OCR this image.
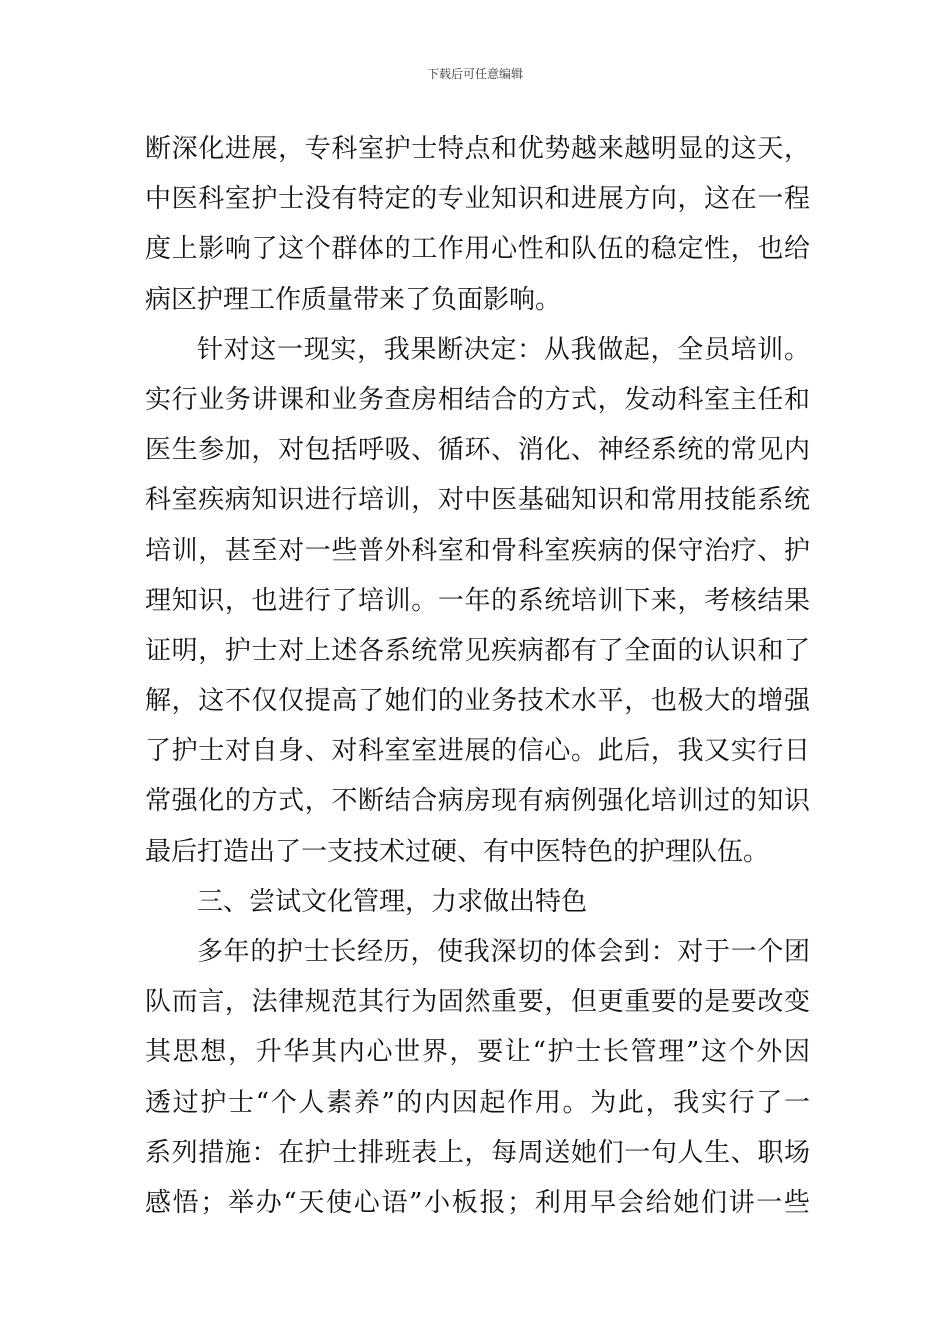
下载后可任意编辑
断深化进展，专科室护士特点和优势越来越明显的这天，
中医科室护士没有特定的专业知识和进展方向，这在一程
度上影响了这个群体的工作用心性和队伍的稳定性，也给
病区护理工作质量带来了负面影响。
针对这一现实，我果断决定：从我做起，全员培训。
实行业务讲课和业务查房相结合的方式，发动科室主任和
医生参加，对包括呼吸、循环、消化、神经系统的常见内
科室疾病知识进行培训，对中医基础知识和常用技能系统
培训，甚至对一些普外科室和骨科室疾病的保守治疗、护
理知识，也进行了培训。一年的系统培训下来，考核结果
证明，护士对上述各系统常见疾病都有了全面的认识和了
解，这不仅仅提高了她们的业务技术水平，也极大的增强
了护士对自身、对科室室进展的信心。此后，我又实行日
常强化的方式，不断结合病房现有病例强化培训过的知识
最后打造出了一支技术过硬、有中医特色的护理队伍。
三、尝试文化管理，力求做出特色
多年的护士长经历，使我深切的体会到：对于一个团
队而言，法律规范其行为固然重要，但更重要的是要改变
其思想，升华其内心世界，要让“护士长管理”这个外因
透过护士“个人素养”的内因起作用。为此，我实行了一
系列措施：在护士排班表上，每周送她们一句人生、职场
感悟；举办“天使心语”小板报；利用早会给她们讲一些
